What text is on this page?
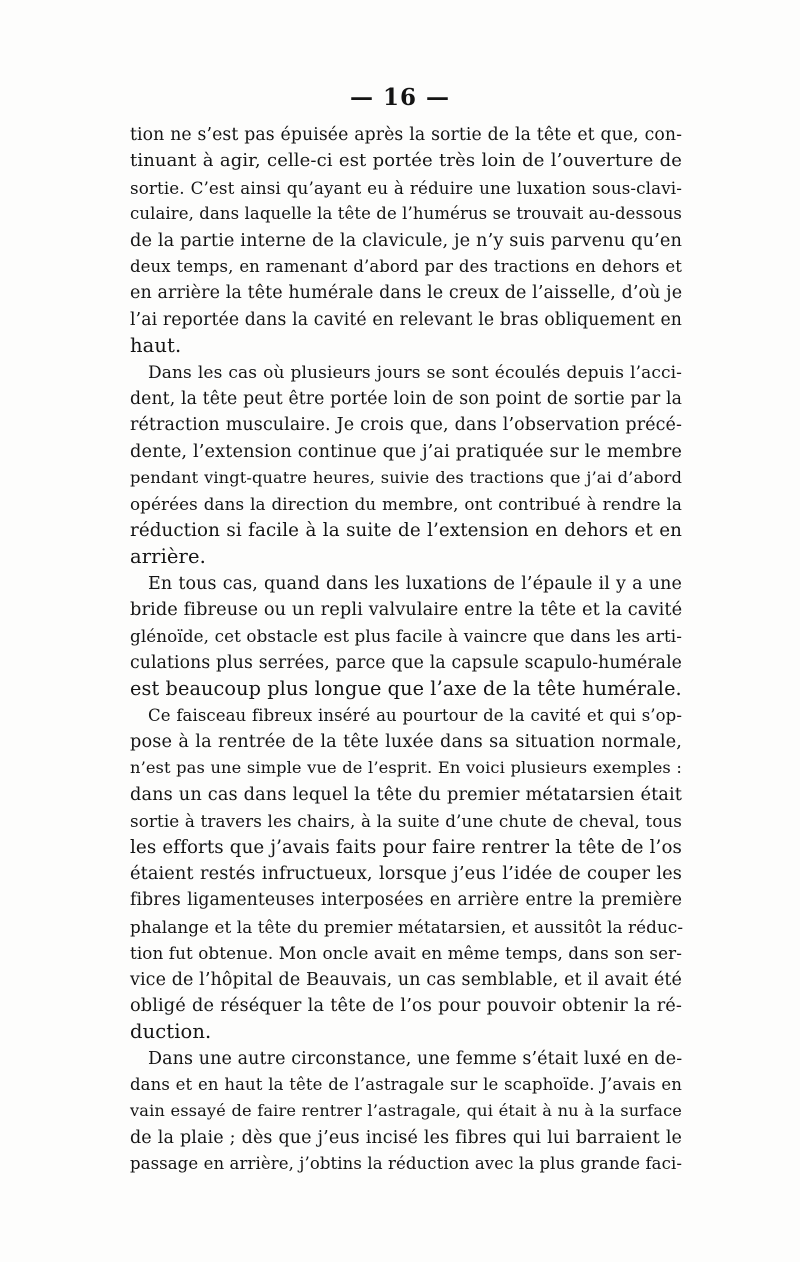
— 16 —
tion ne s’est pas épuisée après la sortie de la tête et que, con-
tinuant à agir, celle-ci est portée très loin de l’ouverture de
sortie. C’est ainsi qu’ayant eu à réduire une luxation sous-clavi-
culaire, dans laquelle la tête de l’humérus se trouvait au-dessous
de la partie interne de la clavicule, je n’y suis parvenu qu’en
deux temps, en ramenant d’abord par des tractions en dehors et
en arrière la tête humérale dans le creux de l’aisselle, d’où je
l’ai reportée dans la cavité en relevant le bras obliquement en
haut.
Dans les cas où plusieurs jours se sont écoulés depuis l’acci-
dent, la tête peut être portée loin de son point de sortie par la
rétraction musculaire. Je crois que, dans l’observation précé-
dente, l’extension continue que j’ai pratiquée sur le membre
pendant vingt-quatre heures, suivie des tractions que j’ai d’abord
opérées dans la direction du membre, ont contribué à rendre la
réduction si facile à la suite de l’extension en dehors et en
arrière.
En tous cas, quand dans les luxations de l’épaule il y a une
bride fibreuse ou un repli valvulaire entre la tête et la cavité
glénoïde, cet obstacle est plus facile à vaincre que dans les arti-
culations plus serrées, parce que la capsule scapulo-humérale
est beaucoup plus longue que l’axe de la tête humérale.
Ce faisceau fibreux inséré au pourtour de la cavité et qui s’op-
pose à la rentrée de la tête luxée dans sa situation normale,
n’est pas une simple vue de l’esprit. En voici plusieurs exemples :
dans un cas dans lequel la tête du premier métatarsien était
sortie à travers les chairs, à la suite d’une chute de cheval, tous
les efforts que j’avais faits pour faire rentrer la tête de l’os
étaient restés infructueux, lorsque j’eus l’idée de couper les
fibres ligamenteuses interposées en arrière entre la première
phalange et la tête du premier métatarsien, et aussitôt la réduc-
tion fut obtenue. Mon oncle avait en même temps, dans son ser-
vice de l’hôpital de Beauvais, un cas semblable, et il avait été
obligé de réséquer la tête de l’os pour pouvoir obtenir la ré-
duction.
Dans une autre circonstance, une femme s’était luxé en de-
dans et en haut la tête de l’astragale sur le scaphoïde. J’avais en
vain essayé de faire rentrer l’astragale, qui était à nu à la surface
de la plaie ; dès que j’eus incisé les fibres qui lui barraient le
passage en arrière, j’obtins la réduction avec la plus grande faci-
